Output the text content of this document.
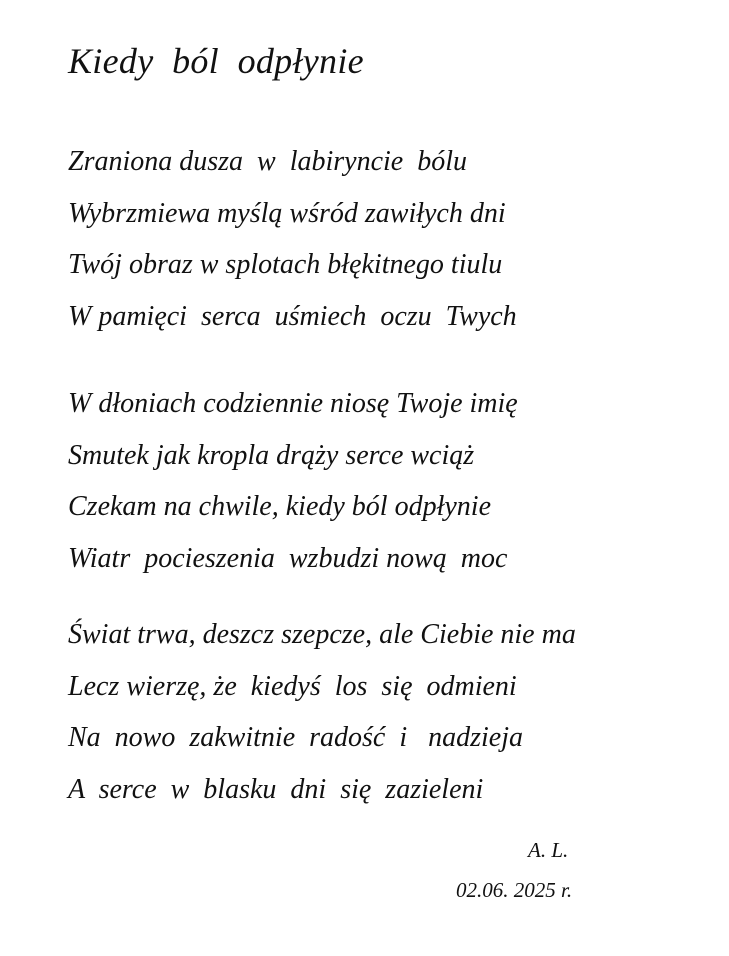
Kiedy  ból  odpłynie
Zraniona dusza  w  labiryncie  bólu
Wybrzmiewa myślą wśród zawiłych dni
Twój obraz w splotach błękitnego tiulu
W pamięci  serca  uśmiech  oczu  Twych
W dłoniach codziennie niosę Twoje imię
Smutek jak kropla drąży serce wciąż
Czekam na chwile, kiedy ból odpłynie
Wiatr  pocieszenia  wzbudzi nową  moc
Świat trwa, deszcz szepcze, ale Ciebie nie ma
Lecz wierzę, że  kiedyś  los  się  odmieni
Na  nowo  zakwitnie  radość  i   nadzieja
A  serce  w  blasku  dni  się  zazieleni
A. L.
02.06. 2025 r.
